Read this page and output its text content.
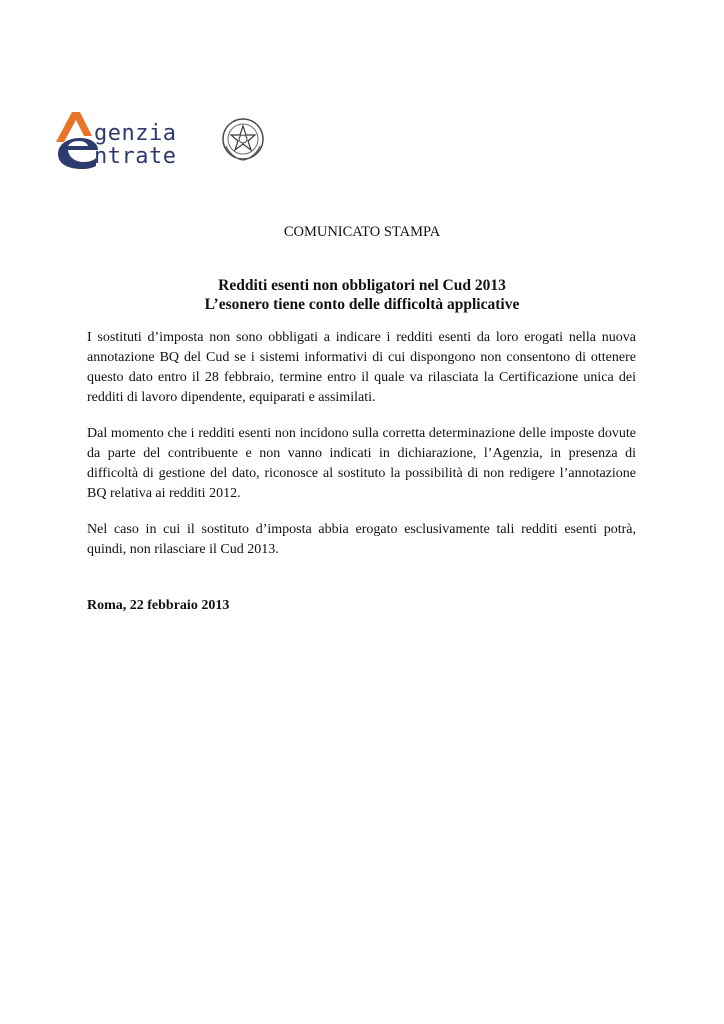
genzia
ntrate
COMUNICATO STAMPA
Redditi esenti non obbligatori nel Cud 2013
L’esonero tiene conto delle difficoltà applicative

I sostituti d’imposta non sono obbligati a indicare i redditi esenti da loro erogati nella nuova annotazione BQ del Cud se i sistemi informativi di cui dispongono non consentono di ottenere questo dato entro il 28 febbraio, termine entro il quale va rilasciata la Certificazione unica dei redditi di lavoro dipendente, equiparati e assimilati.

Dal momento che i redditi esenti non incidono sulla corretta determinazione delle imposte dovute da parte del contribuente e non vanno indicati in dichiarazione, l’Agenzia, in presenza di difficoltà di gestione del dato, riconosce al sostituto la possibilità di non redigere l’annotazione BQ relativa ai redditi 2012.

Nel caso in cui il sostituto d’imposta abbia erogato esclusivamente tali redditi esenti potrà, quindi, non rilasciare il Cud 2013.

Roma, 22 febbraio 2013
